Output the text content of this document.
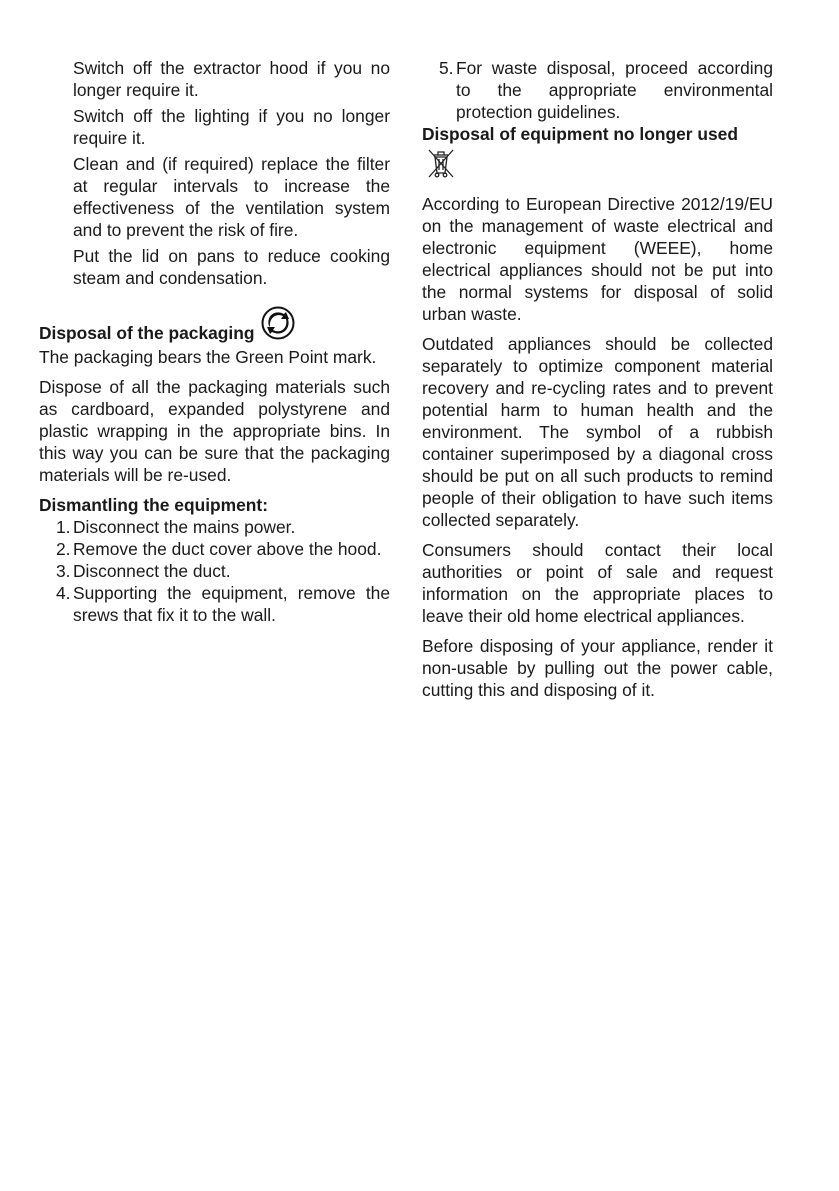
Switch off the extractor hood if you no longer require it.

Switch off the lighting if you no longer require it.

Clean and (if required) replace the filter at regular intervals to increase the effectiveness of the ventilation system and to prevent the risk of fire.

Put the lid on pans to reduce cooking steam and condensation.

Disposal of the packaging

The packaging bears the Green Point mark.

Dispose of all the packaging materials such as cardboard, expanded polystyrene and plastic wrapping in the appropriate bins. In this way you can be sure that the packaging materials will be re-used.

Dismantling the equipment:

1. Disconnect the mains power.
2. Remove the duct cover above the hood.
3. Disconnect the duct.
4. Supporting the equipment, remove the srews that fix it to the wall.
5. For waste disposal, proceed according to the appropriate environmental protection guidelines.

Disposal of equipment no longer used

According to European Directive 2012/19/EU on the management of waste electrical and electronic equipment (WEEE), home electrical appliances should not be put into the normal systems for disposal of solid urban waste.

Outdated appliances should be collected separately to optimize component material recovery and re-cycling rates and to prevent potential harm to human health and the environment. The symbol of a rubbish container superimposed by a diagonal cross should be put on all such products to remind people of their obligation to have such items collected separately.

Consumers should contact their local authorities or point of sale and request information on the appropriate places to leave their old home electrical appliances.

Before disposing of your appliance, render it non-usable by pulling out the power cable, cutting this and disposing of it.
